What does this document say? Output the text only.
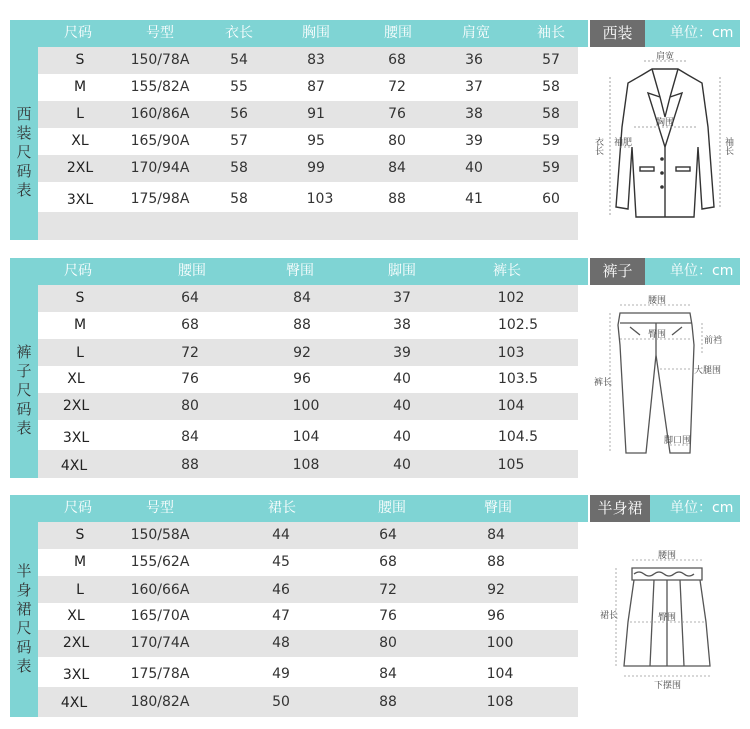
尺码	号型	衣长	胸围	腰围	肩宽	袖长	西装	单位：cm
西装尺码表
S	150/78A	54	83	68	36	57
M	155/82A	55	87	72	37	58
L	160/86A	56	91	76	38	58
XL	165/90A	57	95	80	39	59
2XL	170/94A	58	99	84	40	59
3XL	175/98A	58	103	88	41	60
肩宽
胸围
衣长 袖肥	袖长
尺码	腰围	臀围	脚围	裤长	裤子	单位：cm
裤子尺码表
S	64	84	37	102
M	68	88	38	102.5
L	72	92	39	103
XL	76	96	40	103.5
2XL	80	100	40	104
3XL	84	104	40	104.5
4XL	88	108	40	105
腰围
臀围
前裆
大腿围
裤长
脚口围
尺码	号型	裙长	腰围	臀围	半身裙	单位：cm
半身裙尺码表
S	150/58A	44	64	84
M	155/62A	45	68	88
L	160/66A	46	72	92
XL	165/70A	47	76	96
2XL	170/74A	48	80	100
3XL	175/78A	49	84	104
4XL	180/82A	50	88	108
腰围
裙长	臀围
下摆围
